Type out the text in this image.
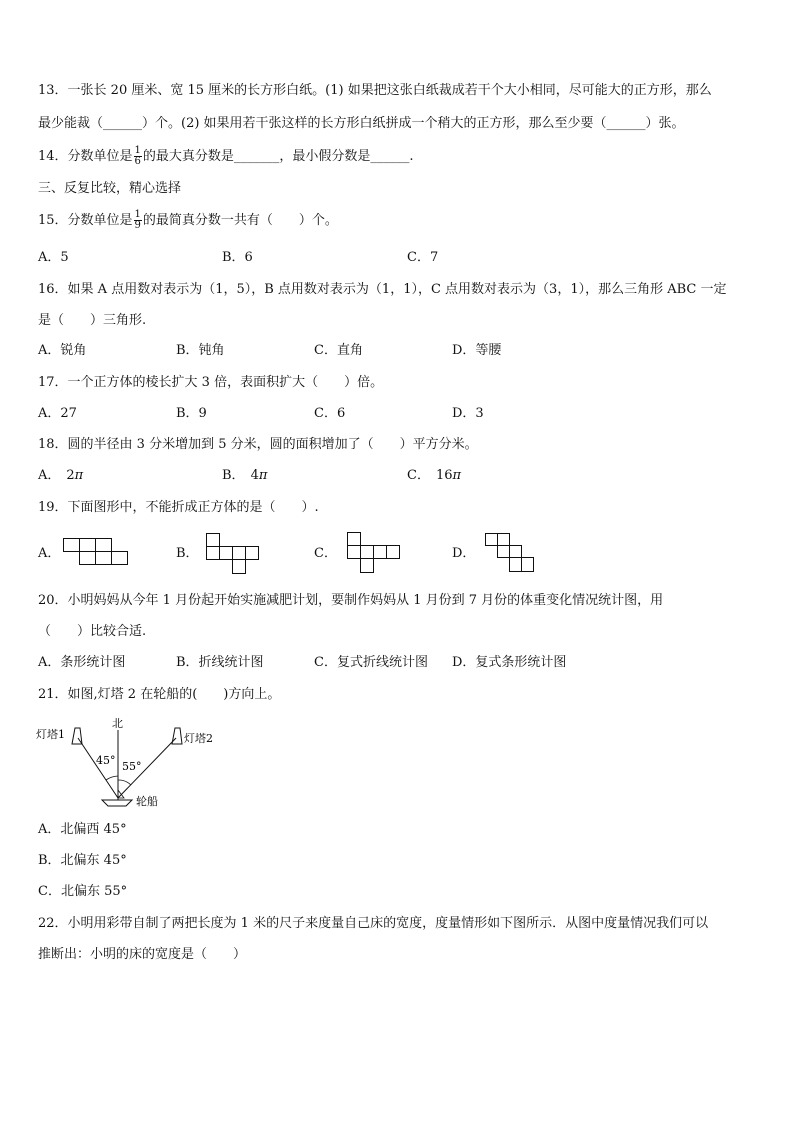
13．一张长 20 厘米、宽 15 厘米的长方形白纸。(1) 如果把这张白纸裁成若干个大小相同，尽可能大的正方形，那么
最少能裁（______）个。(2) 如果用若干张这样的长方形白纸拼成一个稍大的正方形，那么至少要（______）张。
14．分数单位是 $\frac{1}{6}$ 的最大真分数是_______，最小假分数是______.
三、反复比较，精心选择
15．分数单位是 $\frac{1}{9}$ 的最简真分数一共有（　　）个。
A．5	B．6	C．7
16．如果 A 点用数对表示为（1，5），B 点用数对表示为（1，1），C 点用数对表示为（3，1），那么三角形 ABC 一定
是（　　）三角形.
A．锐角	B．钝角	C．直角	D．等腰
17．一个正方体的棱长扩大 3 倍，表面积扩大（　　）倍。
A．27	B．9	C．6	D．3
18．圆的半径由 3 分米增加到 5 分米，圆的面积增加了（　　）平方分米。
A． 2π	B． 4π	C． 16π
19．下面图形中，不能折成正方体的是（　　）.
A．	B．	C．	D．
20．小明妈妈从今年 1 月份起开始实施减肥计划，要制作妈妈从 1 月份到 7 月份的体重变化情况统计图，用
（　　）比较合适.
A．条形统计图	B．折线统计图	C．复式折线统计图 D．复式条形统计图
21．如图,灯塔 2 在轮船的(　　)方向上。
北
灯塔1	灯塔2
45° 55°
轮船
A．北偏西 45°
B．北偏东 45°
C．北偏东 55°
22．小明用彩带自制了两把长度为 1 米的尺子来度量自己床的宽度，度量情形如下图所示．从图中度量情况我们可以
推断出：小明的床的宽度是（　　）
